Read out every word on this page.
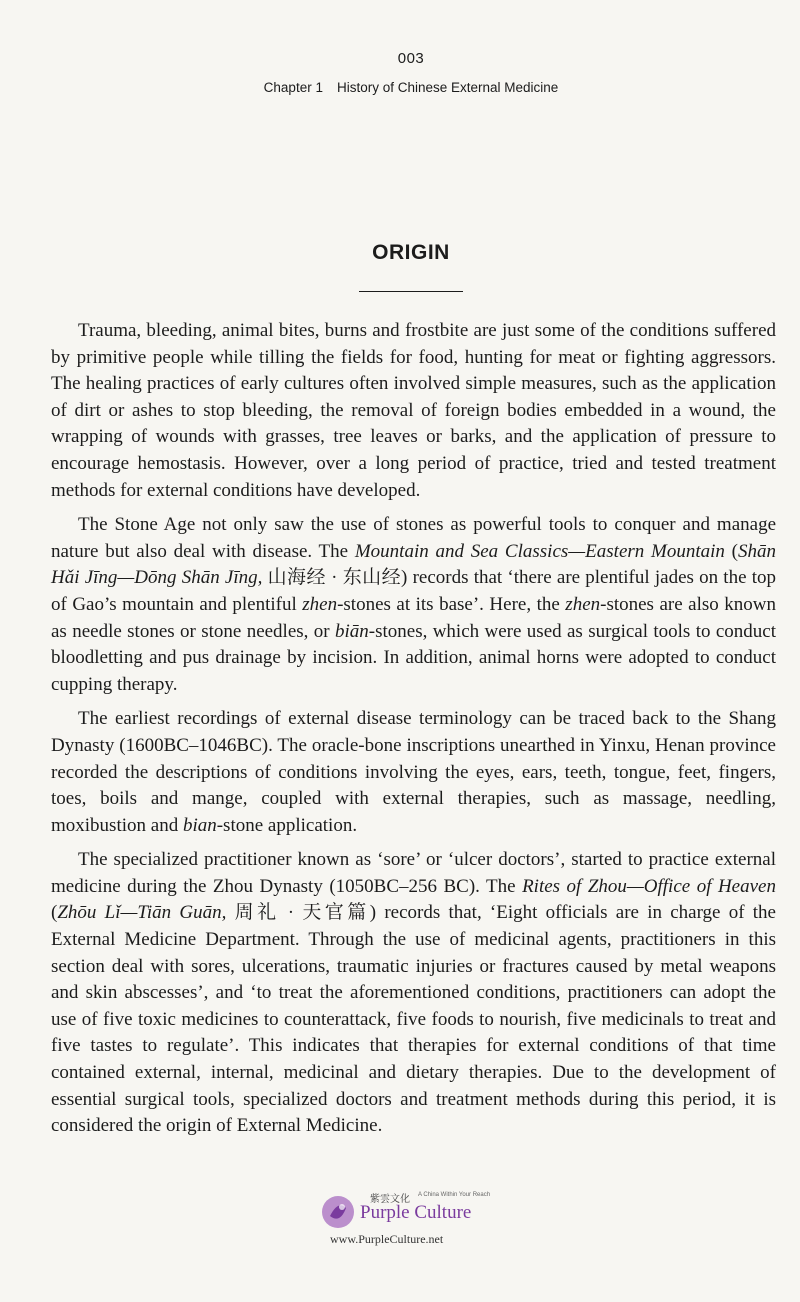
003
Chapter 1 History of Chinese External Medicine
ORIGIN

Trauma, bleeding, animal bites, burns and frostbite are just some of the conditions suffered by primitive people while tilling the fields for food, hunting for meat or fighting aggressors. The healing practices of early cultures often involved simple measures, such as the application of dirt or ashes to stop bleeding, the removal of foreign bodies embedded in a wound, the wrapping of wounds with grasses, tree leaves or barks, and the application of pressure to encourage hemostasis. However, over a long period of practice, tried and tested treatment methods for external conditions have developed.

The Stone Age not only saw the use of stones as powerful tools to conquer and manage nature but also deal with disease. The Mountain and Sea Classics—Eastern Mountain (Shān Hǎi Jīng—Dōng Shān Jīng, 山海经 · 东山经) records that ‘there are plentiful jades on the top of Gao’s mountain and plentiful zhen-stones at its base’. Here, the zhen-stones are also known as needle stones or stone needles, or biān-stones, which were used as surgical tools to conduct bloodletting and pus drainage by incision. In addition, animal horns were adopted to conduct cupping therapy.

The earliest recordings of external disease terminology can be traced back to the Shang Dynasty (1600BC–1046BC). The oracle-bone inscriptions unearthed in Yinxu, Henan province recorded the descriptions of conditions involving the eyes, ears, teeth, tongue, feet, fingers, toes, boils and mange, coupled with external therapies, such as massage, needling, moxibustion and bian-stone application.

The specialized practitioner known as ‘sore’ or ‘ulcer doctors’, started to practice external medicine during the Zhou Dynasty (1050BC–256 BC). The Rites of Zhou—Office of Heaven (Zhōu Lǐ—Tiān Guān, 周礼 · 天官篇) records that, ‘Eight officials are in charge of the External Medicine Department. Through the use of medicinal agents, practitioners in this section deal with sores, ulcerations, traumatic injuries or fractures caused by metal weapons and skin abscesses’, and ‘to treat the aforementioned conditions, practitioners can adopt the use of five toxic medicines to counterattack, five foods to nourish, five medicinals to treat and five tastes to regulate’. This indicates that therapies for external conditions of that time contained external, internal, medicinal and dietary therapies. Due to the development of essential surgical tools, specialized doctors and treatment methods during this period, it is considered the origin of External Medicine.

紫雲文化 A China Within Your Reach
Purple Culture
www.PurpleCulture.net
